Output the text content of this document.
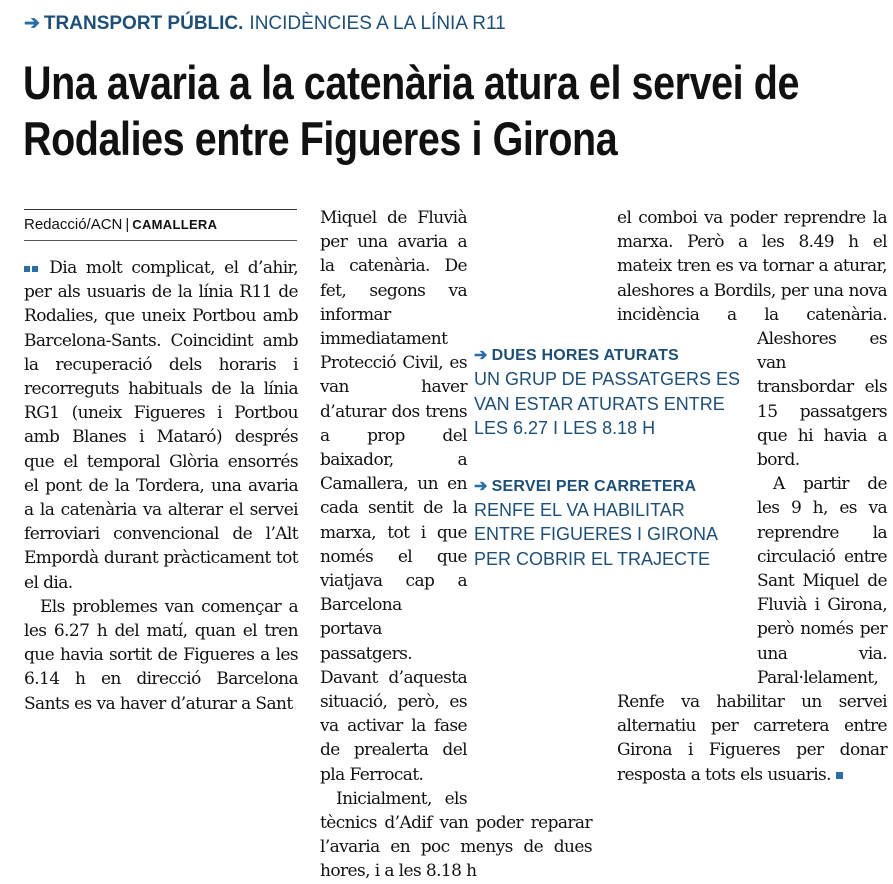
➔ TRANSPORT PÚBLIC. INCIDÈNCIES A LA LÍNIA R11
Una avaria a la catenària atura el servei de Rodalies entre Figueres i Girona
Redacció/ACN | CAMALLERA

Dia molt complicat, el d’ahir, per als usuaris de la línia R11 de Rodalies, que uneix Portbou amb Barcelona-Sants. Coincidint amb la recuperació dels horaris i recorreguts habituals de la línia RG1 (uneix Figueres i Portbou amb Blanes i Mataró) després que el temporal Glòria ensorrés el pont de la Tordera, una avaria a la catenària va alterar el servei ferroviari convencional de l’Alt Empordà durant pràcticament tot el dia.

Els problemes van començar a les 6.27 h del matí, quan el tren que havia sortit de Figueres a les 6.14 h en direcció Barcelona Sants es va haver d’aturar a Sant

Miquel de Fluvià per una avaria a la catenària. De fet, segons va informar immediatament Protecció Civil, es van haver d’aturar dos trens a prop del baixador, a Camallera, un en cada sentit de la marxa, tot i que només el que viatjava cap a Barcelona portava passatgers. Davant d’aquesta situació, però, es va activar la fase de prealerta del pla Ferrocat.

Inicialment, els tècnics d’Adif van poder reparar l’avaria en poc menys de dues hores, i a les 8.18 h

el comboi va poder reprendre la marxa. Però a les 8.49 h el mateix tren es va tornar a aturar, aleshores a Bordils, per una nova incidència a la catenària. Aleshores es van transbordar els 15 passatgers que hi havia a bord.

A partir de les 9 h, es va reprendre la circulació entre Sant Miquel de Fluvià i Girona, però només per una via. Paral·lelament, Renfe va habilitar un servei alternatiu per carretera entre Girona i Figueres per donar resposta a tots els usuaris.

➔ DUES HORES ATURATS
UN GRUP DE PASSATGERS ES VAN ESTAR ATURATS ENTRE LES 6.27 I LES 8.18 H
➔ SERVEI PER CARRETERA
RENFE EL VA HABILITAR ENTRE FIGUERES I GIRONA PER COBRIR EL TRAJECTE
